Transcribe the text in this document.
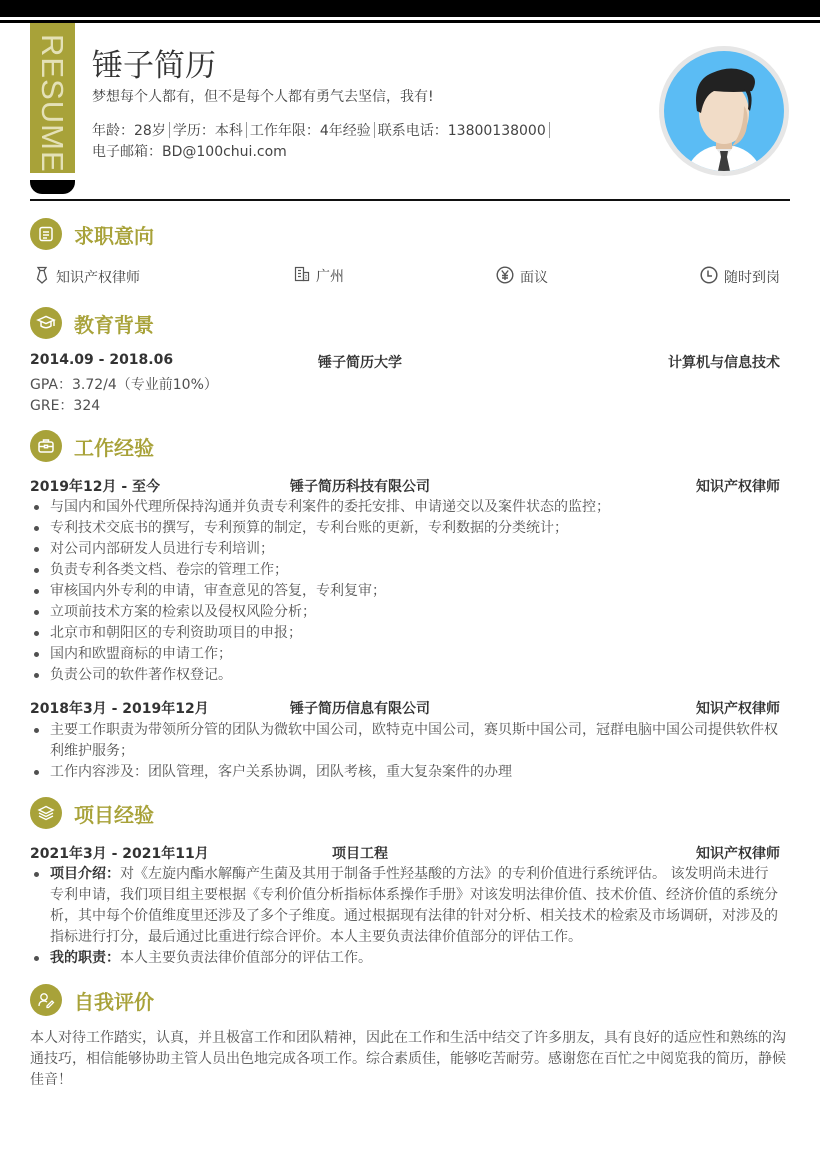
RESUME 锤子简历
梦想每个人都有，但不是每个人都有勇气去坚信，我有!
年龄：28岁 学历：本科 工作年限：4年经验 联系电话：13800138000
电子邮箱：BD@100chui.com
求职意向
知识产权律师	广州	面议	随时到岗
教育背景
2014.09 - 2018.06	锤子简历大学	计算机与信息技术
GPA：3.72/4（专业前10%）
GRE：324
工作经验
2019年12月 - 至今	锤子简历科技有限公司	知识产权律师
与国内和国外代理所保持沟通并负责专利案件的委托安排、申请递交以及案件状态的监控；
专利技术交底书的撰写，专利预算的制定，专利台账的更新，专利数据的分类统计；
对公司内部研发人员进行专利培训；
负责专利各类文档、卷宗的管理工作；
审核国内外专利的申请，审查意见的答复，专利复审；
立项前技术方案的检索以及侵权风险分析；
北京市和朝阳区的专利资助项目的申报；
国内和欧盟商标的申请工作；
负责公司的软件著作权登记。
2018年3月 - 2019年12月	锤子简历信息有限公司	知识产权律师
主要工作职责为带领所分管的团队为微软中国公司，欧特克中国公司，赛贝斯中国公司，冠群电脑中国公司提供软件权利维护服务；
工作内容涉及：团队管理，客户关系协调，团队考核，重大复杂案件的办理
项目经验
2021年3月 - 2021年11月	项目工程	知识产权律师
项目介绍：对《左旋内酯水解酶产生菌及其用于制备手性羟基酸的方法》的专利价值进行系统评估。 该发明尚未进行专利申请，我们项目组主要根据《专利价值分析指标体系操作手册》对该发明法律价值、技术价值、经济价值的系统分析，其中每个价值维度里还涉及了多个子维度。通过根据现有法律的针对分析、相关技术的检索及市场调研，对涉及的指标进行打分，最后通过比重进行综合评价。本人主要负责法律价值部分的评估工作。
我的职责：本人主要负责法律价值部分的评估工作。
自我评价
本人对待工作踏实，认真，并且极富工作和团队精神，因此在工作和生活中结交了许多朋友，具有良好的适应性和熟练的沟通技巧，相信能够协助主管人员出色地完成各项工作。综合素质佳，能够吃苦耐劳。感谢您在百忙之中阅览我的简历，静候佳音！
